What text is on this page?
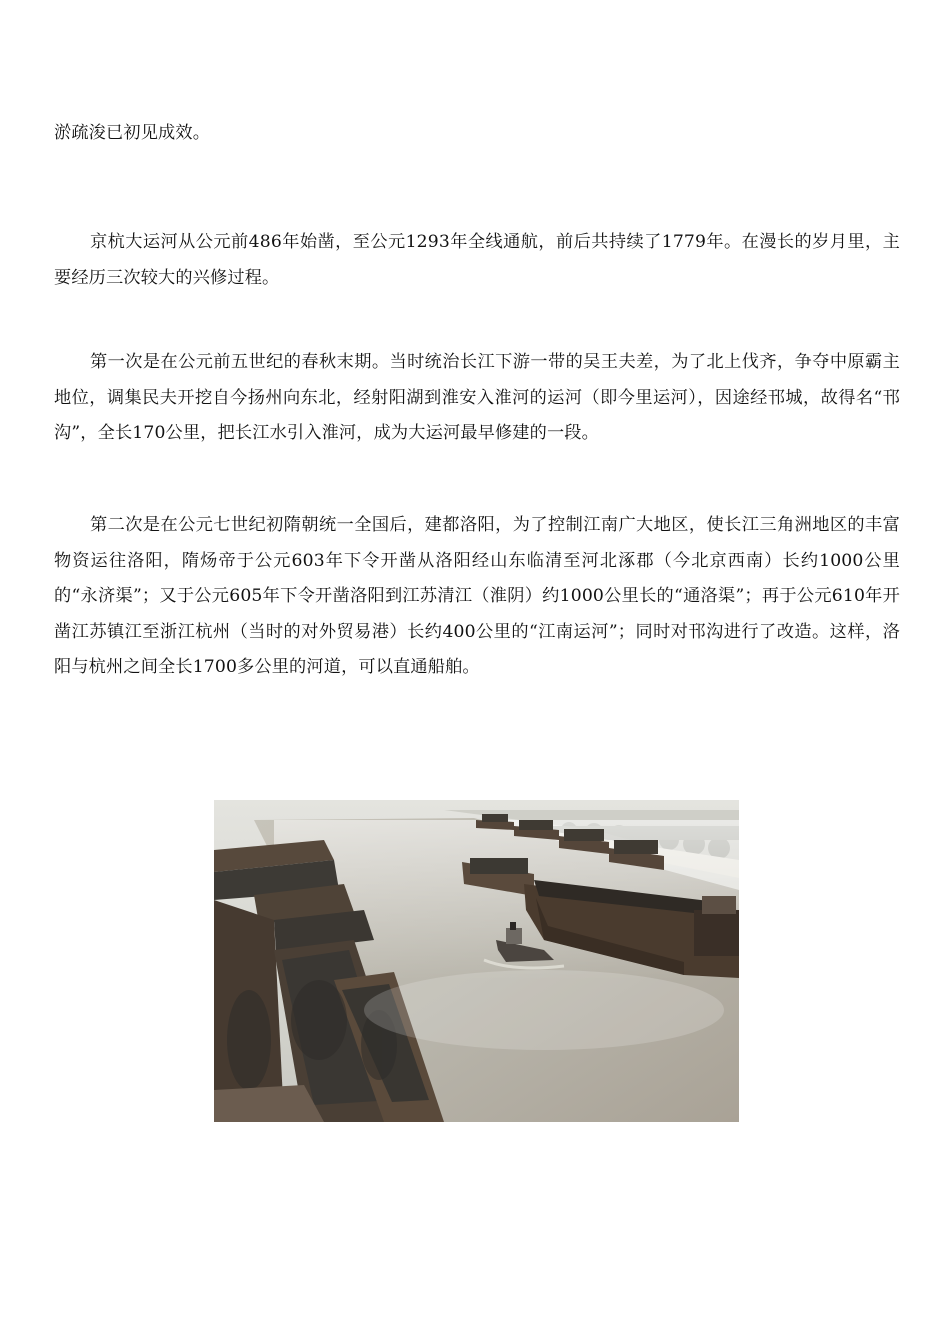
淤疏浚已初见成效。

京杭大运河从公元前486年始凿，至公元1293年全线通航，前后共持续了1779年。在漫长的岁月里，主要经历三次较大的兴修过程。

第一次是在公元前五世纪的春秋末期。当时统治长江下游一带的吴王夫差，为了北上伐齐，争夺中原霸主地位，调集民夫开挖自今扬州向东北，经射阳湖到淮安入淮河的运河（即今里运河），因途经邗城，故得名“邗沟”，全长170公里，把长江水引入淮河，成为大运河最早修建的一段。

第二次是在公元七世纪初隋朝统一全国后，建都洛阳，为了控制江南广大地区，使长江三角洲地区的丰富物资运往洛阳，隋炀帝于公元603年下令开凿从洛阳经山东临清至河北涿郡（今北京西南）长约1000公里的“永济渠”；又于公元605年下令开凿洛阳到江苏清江（淮阴）约1000公里长的“通洛渠”；再于公元610年开凿江苏镇江至浙江杭州（当时的对外贸易港）长约400公里的“江南运河”；同时对邗沟进行了改造。这样，洛阳与杭州之间全长1700多公里的河道，可以直通船舶。
